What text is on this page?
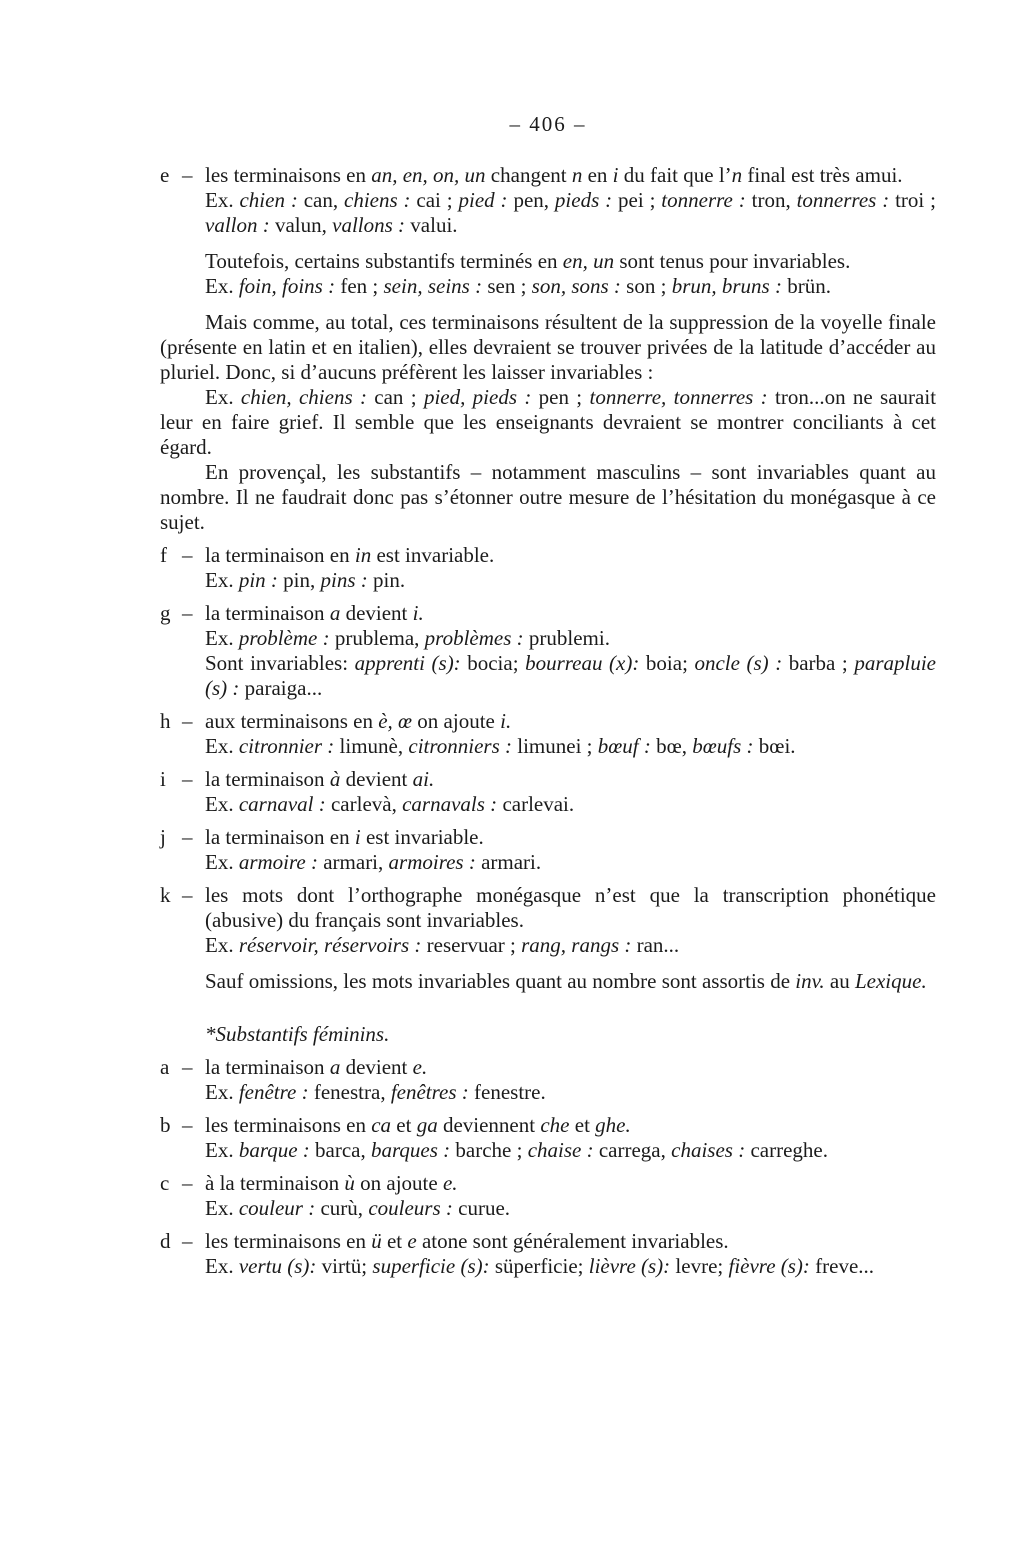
– 406 –

e – les terminaisons en an, en, on, un changent n en i du fait que l’n final est très amui.

Ex. chien : can, chiens : cai ; pied : pen, pieds : pei ; tonnerre : tron, tonnerres : troi ; vallon : valun, vallons : valui.

Toutefois, certains substantifs terminés en en, un sont tenus pour invariables.

Ex. foin, foins : fen ; sein, seins : sen ; son, sons : son ; brun, bruns : brün.

Mais comme, au total, ces terminaisons résultent de la suppression de la voyelle finale (présente en latin et en italien), elles devraient se trouver privées de la latitude d’accéder au pluriel. Donc, si d’aucuns préfèrent les laisser invariables :

Ex. chien, chiens : can ; pied, pieds : pen ; tonnerre, tonnerres : tron...on ne saurait leur en faire grief. Il semble que les enseignants devraient se montrer conciliants à cet égard.

En provençal, les substantifs – notamment masculins – sont invariables quant au nombre. Il ne faudrait donc pas s’étonner outre mesure de l’hésitation du monégasque à ce sujet.

f – la terminaison en in est invariable.

Ex. pin : pin, pins : pin.

g – la terminaison a devient i.

Ex. problème : prublema, problèmes : prublemi.

Sont invariables: apprenti (s): bocia; bourreau (x): boia; oncle (s) : barba ; parapluie (s) : paraiga...

h – aux terminaisons en è, œ on ajoute i.

Ex. citronnier : limunè, citronniers : limunei ; bœuf : bœ, bœufs : bœi.

i – la terminaison à devient ai.

Ex. carnaval : carlevà, carnavals : carlevai.

j – la terminaison en i est invariable.

Ex. armoire : armari, armoires : armari.

k – les mots dont l’orthographe monégasque n’est que la transcription phonétique (abusive) du français sont invariables.

Ex. réservoir, réservoirs : reservuar ; rang, rangs : ran...

Sauf omissions, les mots invariables quant au nombre sont assortis de inv. au Lexique.

*Substantifs féminins.

a – la terminaison a devient e.

Ex. fenêtre : fenestra, fenêtres : fenestre.

b – les terminaisons en ca et ga deviennent che et ghe.

Ex. barque : barca, barques : barche ; chaise : carrega, chaises : carreghe.

c – à la terminaison ù on ajoute e.

Ex. couleur : curù, couleurs : curue.

d – les terminaisons en ü et e atone sont généralement invariables.

Ex. vertu (s): virtü; superficie (s): süperficie; lièvre (s): levre; fièvre (s): freve...
